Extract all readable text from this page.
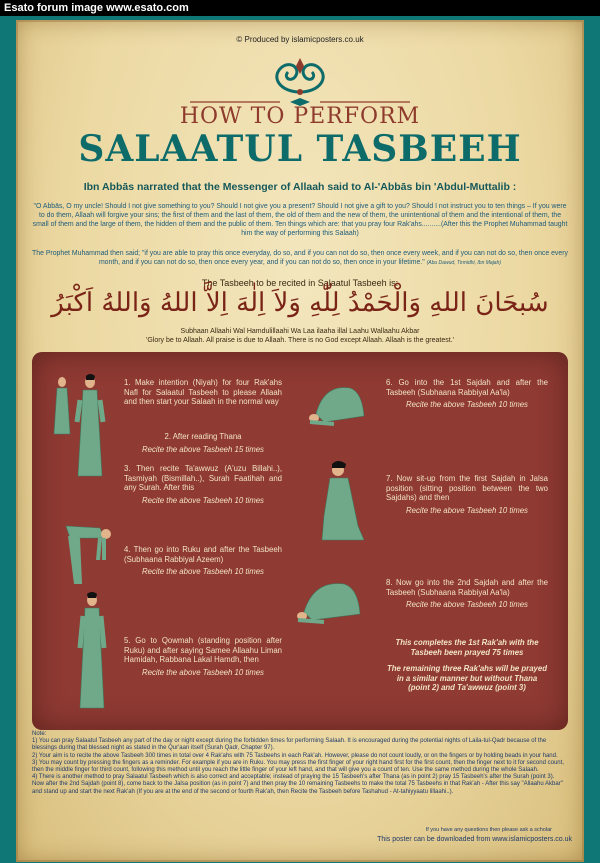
Esato forum image www.esato.com
© Produced by islamicposters.co.uk
HOW TO PERFORM
SALAATUL TASBEEH
Ibn Abbās narrated that the Messenger of Allaah said to Al-'Abbās bin 'Abdul-Muttalib :
"O Abbās, O my uncle! Should I not give something to you? Should I not give you a present? Should I not give a gift to you? Should I not instruct you to ten things – If you were to do them, Allaah will forgive your sins; the first of them and the last of them, the old of them and the new of them, the unintentional of them and the intentional of them, the small of them and the large of them, the hidden of them and the public of them. Ten things which are: that you pray four Rak'ahs..........(After this the Prophet Muhammad taught him the way of performing this Salaah)
The Prophet Muhammad then said; "if you are able to pray this once everyday, do so, and if you can not do so, then once every week, and if you can not do so, then once every month, and if you can not do so, then once every year, and if you can not do so, then once in your lifetime." (Abu Dawud, Tirmidhi, Ibn Majah)
The Tasbeeh to be recited in Salaatul Tasbeeh is:
سُبحَانَ اللهِ وَالْحَمْدُ لِلّٰهِ وَلاَ اِلٰهَ اِلاَّ اللهُ وَاللهُ اَكْبَرُ
Subhaan Allaahi Wal Hamdulillaahi Wa Laa ilaaha illal Laahu Wallaahu Akbar
'Glory be to Allaah. All praise is due to Allaah. There is no God except Allaah. Allaah is the greatest.'
1. Make intention (Niyah) for four Rak'ahs Nafl for Salaatul Tasbeeh to please Allaah and then start your Salaah in the normal way
2. After reading Thana
Recite the above Tasbeeh 15 times
3. Then recite Ta'awwuz (A'uzu Billahi..), Tasmiyah (Bismillah..), Surah Faatihah and any Surah. After this
Recite the above Tasbeeh 10 times
4. Then go into Ruku and after the Tasbeeh (Subhaana Rabbiyal Azeem)
Recite the above Tasbeeh 10 times
5. Go to Qowmah (standing position after Ruku) and after saying Samee Allaahu Liman Hamidah, Rabbana Lakal Hamdh, then
Recite the above Tasbeeh 10 times
6. Go into the 1st Sajdah and after the Tasbeeh (Subhaana Rabbiyal Aa'la)
Recite the above Tasbeeh 10 times
7. Now sit-up from the first Sajdah in Jalsa position (sitting position between the two Sajdahs) and then
Recite the above Tasbeeh 10 times
8. Now go into the 2nd Sajdah and after the Tasbeeh (Subhaana Rabbiyal Aa'la)
Recite the above Tasbeeh 10 times
This completes the 1st Rak'ah with the Tasbeeh been prayed 75 times
The remaining three Rak'ahs will be prayed in a similar manner but without Thana (point 2) and Ta'awwuz (point 3)
Note:
1) You can pray Salaatul Tasbeeh any part of the day or night except during the forbidden times for performing Salaah. It is encouraged during the potential nights of Laila-tul-Qadr because of the blessings during that blessed night as stated in the Qur'aan itself (Surah Qadr, Chapter 97).
2) Your aim is to recite the above Tasbeeh 300 times in total over 4 Rak'ahs with 75 Tasbeehs in each Rak'ah. However, please do not count loudly, or on the fingers or by holding beads in your hand.
3) You may count by pressing the fingers as a reminder. For example if you are in Ruku. You may press the first finger of your right hand first for the first count, then the finger next to it for second count, then the middle finger for third count, following this method until you reach the little finger of your left hand, and that will give you a count of ten. Use the same method during the whole Salaah.
4) There is another method to pray Salaatul Tasbeeh which is also correct and acceptable; instead of praying the 15 Tasbeeh's after Thana (as in point 2) pray 15 Tasbeeh's after the Surah (point 3). Now after the 2nd Sajdah (point 8), come back to the Jalsa position (as in point 7) and then pray the 10 remaining Tasbeehs to make the total 75 Tasbeehs in that Rak'ah - After this say "Allaahu Akbar" and stand up and start the next Rak'ah (If you are at the end of the second or fourth Rak'ah, then Recite the Tasbeeh before Tashahud - At-tahiyyaatu lillaahi..).
If you have any questions then please ask a scholar
This poster can be downloaded from www.islamicposters.co.uk
